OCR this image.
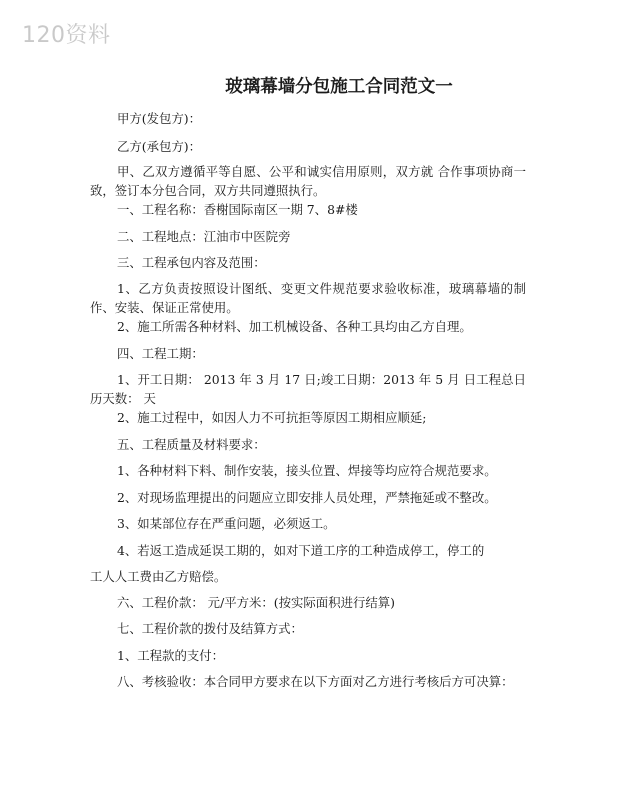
120资料
玻璃幕墙分包施工合同范文一
甲方(发包方)：
乙方(承包方)：
甲、乙双方遵循平等自愿、公平和诚实信用原则，双方就 合作事项协商一致，签订本分包合同，双方共同遵照执行。
一、工程名称：香榭国际南区一期 7、8#楼
二、工程地点：江油市中医院旁
三、工程承包内容及范围：
1、乙方负责按照设计图纸、变更文件规范要求验收标准，玻璃幕墙的制作、安装、保证正常使用。
2、施工所需各种材料、加工机械设备、各种工具均由乙方自理。
四、工程工期：
1、开工日期： 2013 年 3 月 17 日;竣工日期：2013 年 5 月 日工程总日历天数： 天
2、施工过程中，如因人力不可抗拒等原因工期相应顺延;
五、工程质量及材料要求：
1、各种材料下料、制作安装，接头位置、焊接等均应符合规范要求。
2、对现场监理提出的问题应立即安排人员处理，严禁拖延或不整改。
3、如某部位存在严重问题，必须返工。
4、若返工造成延误工期的，如对下道工序的工种造成停工，停工的
工人人工费由乙方赔偿。
六、工程价款： 元/平方米：(按实际面积进行结算)
七、工程价款的拨付及结算方式：
1、工程款的支付：
八、考核验收：本合同甲方要求在以下方面对乙方进行考核后方可决算：
